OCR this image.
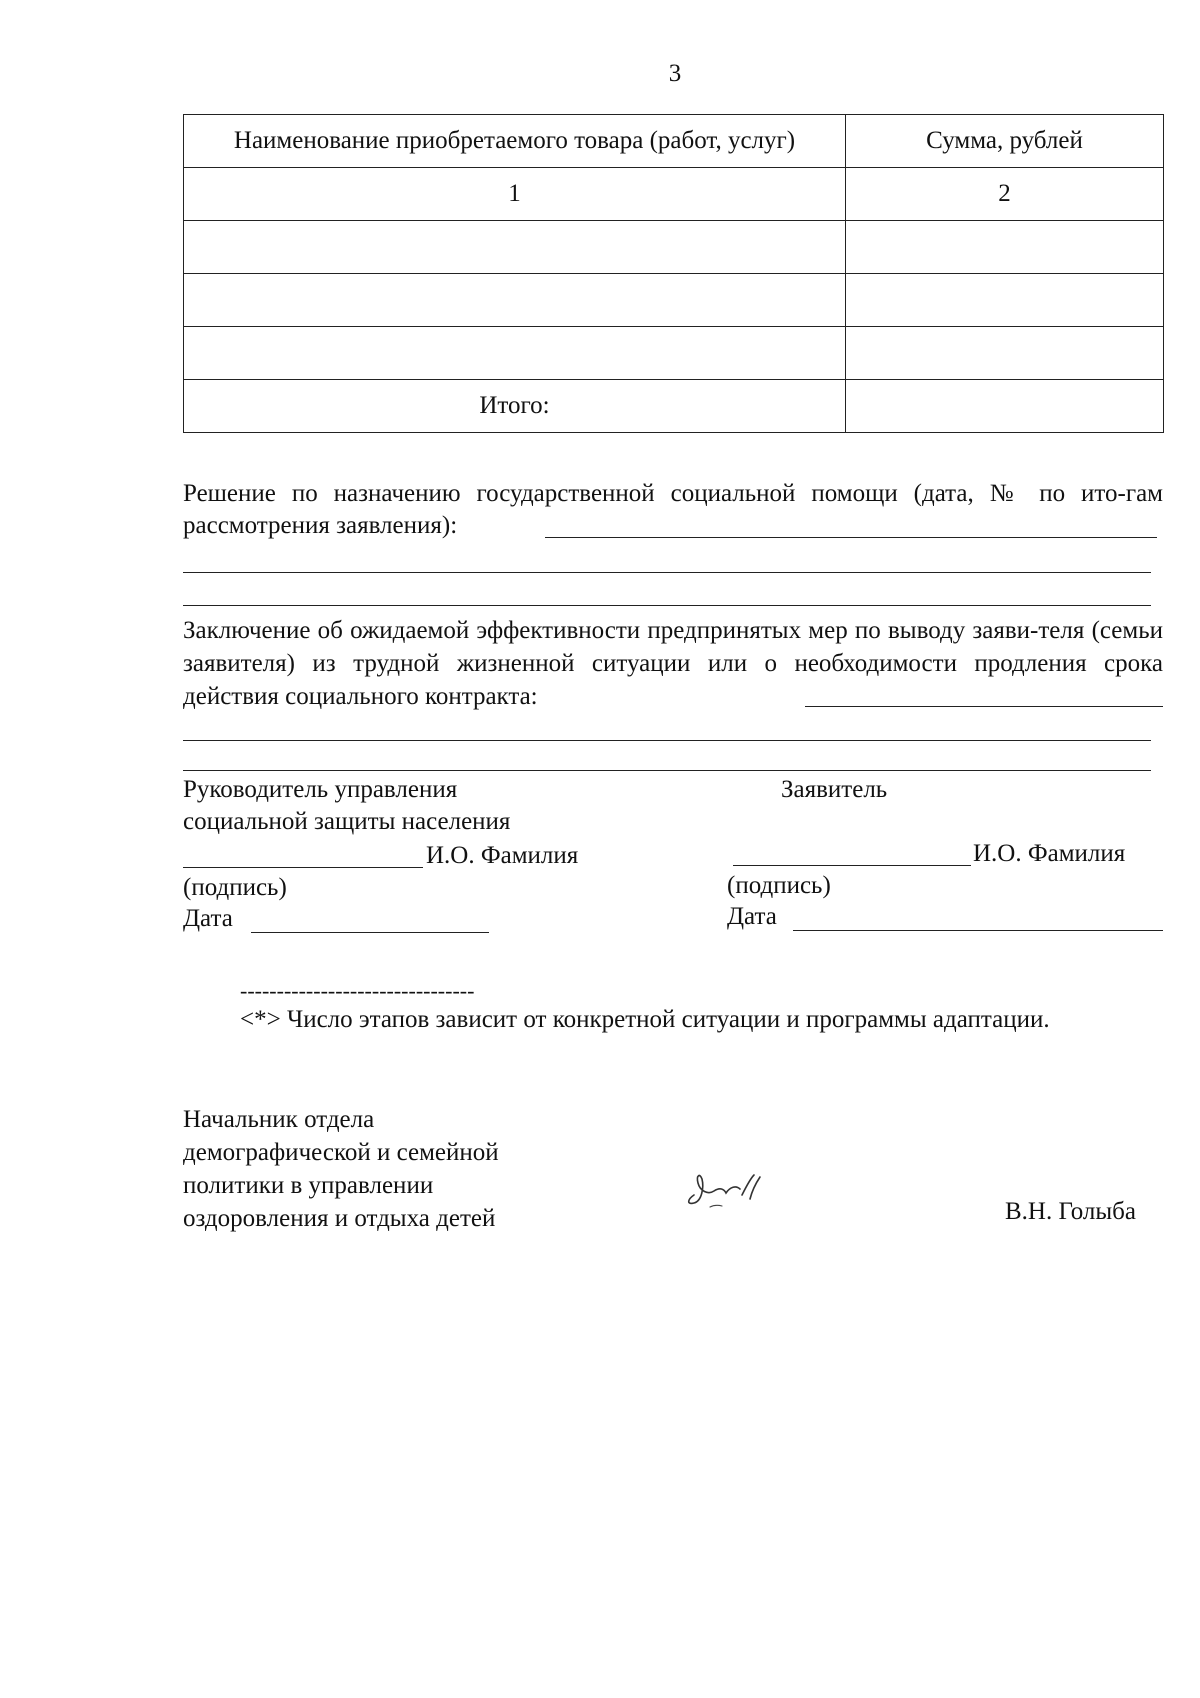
3
Наименование приобретаемого товара (работ, услуг)	Сумма, рублей
1	2

Итого:	
Решение по назначению государственной социальной помощи (дата, № по ито-гам рассмотрения заявления):
Заключение об ожидаемой эффективности предпринятых мер по выводу заяви-теля (семьи заявителя) из трудной жизненной ситуации или о необходимости продления срока действия социального контракта:
Руководитель управления
социальной защиты населения
И.О. Фамилия
(подпись)
Дата
Заявитель
И.О. Фамилия
(подпись)
Дата
--------------------------------
<*> Число этапов зависит от конкретной ситуации и программы адаптации.
Начальник отдела
демографической и семейной
политики в управлении
оздоровления и отдыха детей	В.Н. Голыба
